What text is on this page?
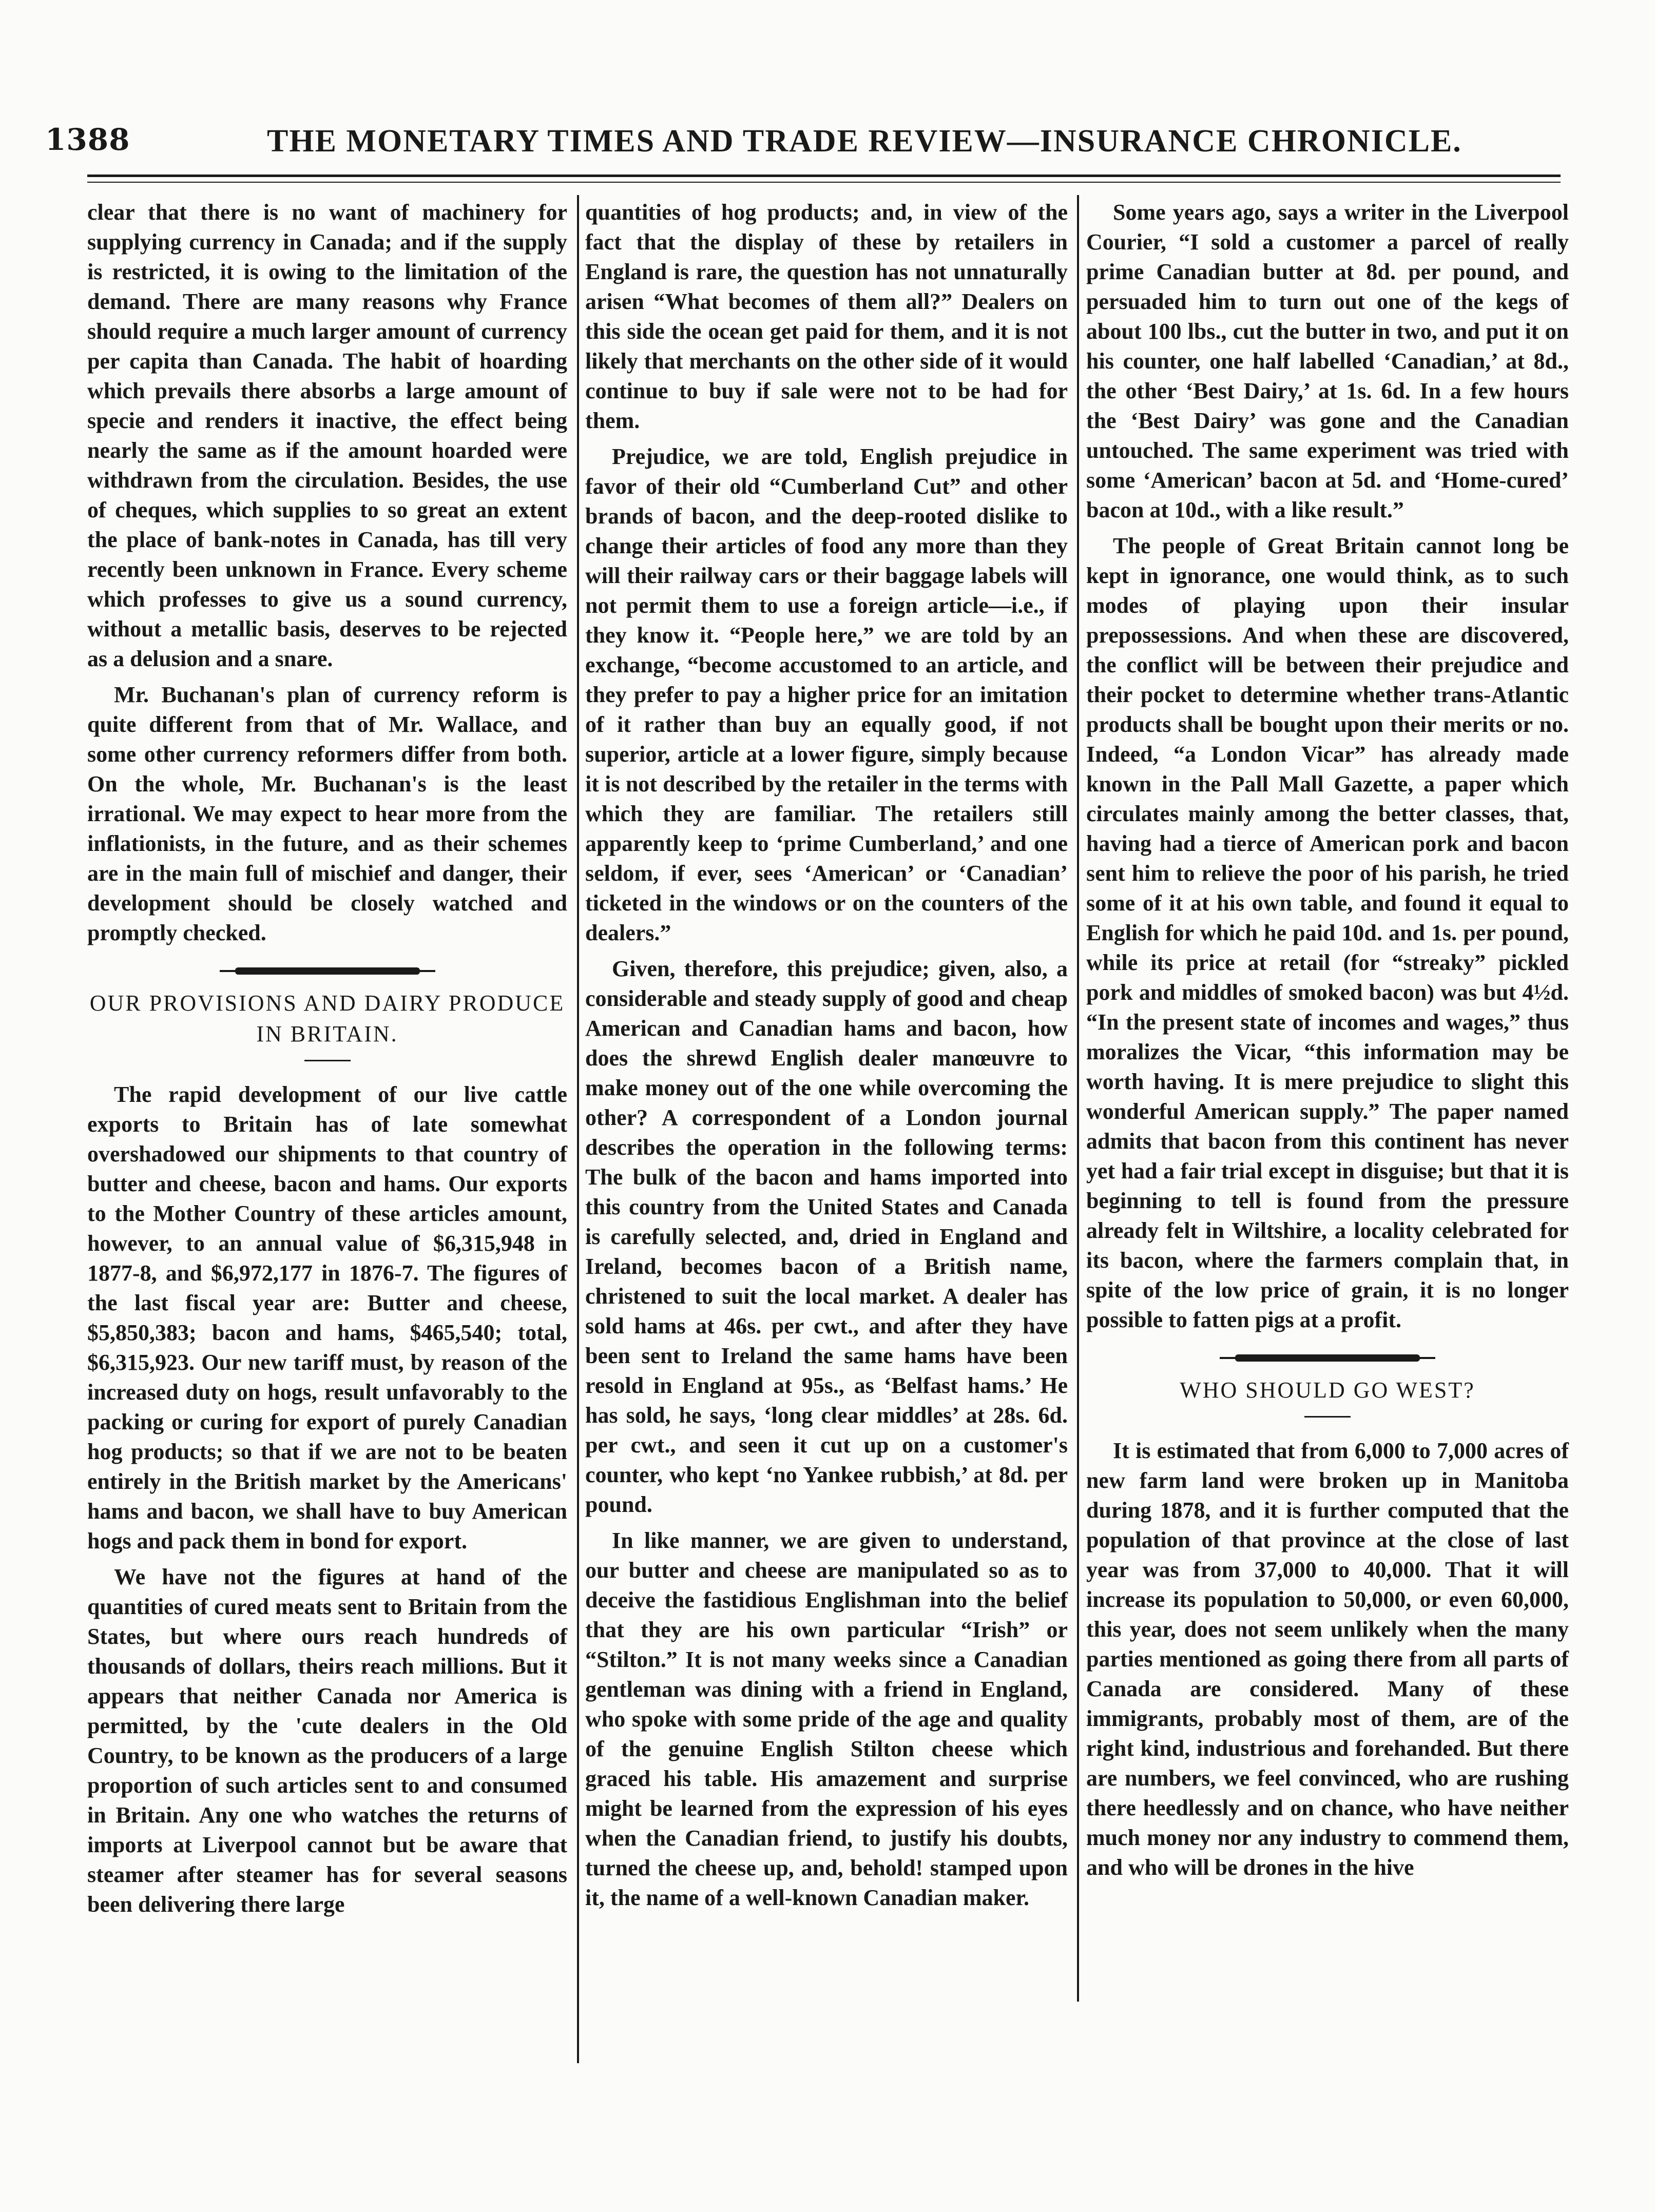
1388	THE MONETARY TIMES AND TRADE REVIEW—INSURANCE CHRONICLE.

clear that there is no want of machinery for supplying currency in Canada; and if the supply is restricted, it is owing to the limitation of the demand. There are many reasons why France should require a much larger amount of currency per capita than Canada. The habit of hoarding which prevails there absorbs a large amount of specie and renders it inactive, the effect being nearly the same as if the amount hoarded were withdrawn from the circulation. Besides, the use of cheques, which supplies to so great an extent the place of bank-notes in Canada, has till very recently been unknown in France. Every scheme which professes to give us a sound currency, without a metallic basis, deserves to be rejected as a delusion and a snare.

Mr. Buchanan's plan of currency reform is quite different from that of Mr. Wallace, and some other currency reformers differ from both. On the whole, Mr. Buchanan's is the least irrational. We may expect to hear more from the inflationists, in the future, and as their schemes are in the main full of mischief and danger, their development should be closely watched and promptly checked.

OUR PROVISIONS AND DAIRY PRODUCE IN BRITAIN.

The rapid development of our live cattle exports to Britain has of late somewhat overshadowed our shipments to that country of butter and cheese, bacon and hams. Our exports to the Mother Country of these articles amount, however, to an annual value of $6,315,948 in 1877-8, and $6,972,177 in 1876-7. The figures of the last fiscal year are: Butter and cheese, $5,850,383; bacon and hams, $465,540; total, $6,315,923. Our new tariff must, by reason of the increased duty on hogs, result unfavorably to the packing or curing for export of purely Canadian hog products; so that if we are not to be beaten entirely in the British market by the Americans' hams and bacon, we shall have to buy American hogs and pack them in bond for export.

We have not the figures at hand of the quantities of cured meats sent to Britain from the States, but where ours reach hundreds of thousands of dollars, theirs reach millions. But it appears that neither Canada nor America is permitted, by the 'cute dealers in the Old Country, to be known as the producers of a large proportion of such articles sent to and consumed in Britain. Any one who watches the returns of imports at Liverpool cannot but be aware that steamer after steamer has for several seasons been delivering there large

quantities of hog products; and, in view of the fact that the display of these by retailers in England is rare, the question has not unnaturally arisen “What becomes of them all?” Dealers on this side the ocean get paid for them, and it is not likely that merchants on the other side of it would continue to buy if sale were not to be had for them.

Prejudice, we are told, English prejudice in favor of their old “Cumberland Cut” and other brands of bacon, and the deep-rooted dislike to change their articles of food any more than they will their railway cars or their baggage labels will not permit them to use a foreign article—i.e., if they know it. “People here,” we are told by an exchange, “become accustomed to an article, and they prefer to pay a higher price for an imitation of it rather than buy an equally good, if not superior, article at a lower figure, simply because it is not described by the retailer in the terms with which they are familiar. The retailers still apparently keep to ‘prime Cumberland,’ and one seldom, if ever, sees ‘American’ or ‘Canadian’ ticketed in the windows or on the counters of the dealers.”

Given, therefore, this prejudice; given, also, a considerable and steady supply of good and cheap American and Canadian hams and bacon, how does the shrewd English dealer manœuvre to make money out of the one while overcoming the other? A correspondent of a London journal describes the operation in the following terms: The bulk of the bacon and hams imported into this country from the United States and Canada is carefully selected, and, dried in England and Ireland, becomes bacon of a British name, christened to suit the local market. A dealer has sold hams at 46s. per cwt., and after they have been sent to Ireland the same hams have been resold in England at 95s., as ‘Belfast hams.’ He has sold, he says, ‘long clear middles’ at 28s. 6d. per cwt., and seen it cut up on a customer's counter, who kept ‘no Yankee rubbish,’ at 8d. per pound.

In like manner, we are given to understand, our butter and cheese are manipulated so as to deceive the fastidious Englishman into the belief that they are his own particular “Irish” or “Stilton.” It is not many weeks since a Canadian gentleman was dining with a friend in England, who spoke with some pride of the age and quality of the genuine English Stilton cheese which graced his table. His amazement and surprise might be learned from the expression of his eyes when the Canadian friend, to justify his doubts, turned the cheese up, and, behold! stamped upon it, the name of a well-known Canadian maker.

Some years ago, says a writer in the Liverpool Courier, “I sold a customer a parcel of really prime Canadian butter at 8d. per pound, and persuaded him to turn out one of the kegs of about 100 lbs., cut the butter in two, and put it on his counter, one half labelled ‘Canadian,’ at 8d., the other ‘Best Dairy,’ at 1s. 6d. In a few hours the ‘Best Dairy’ was gone and the Canadian untouched. The same experiment was tried with some ‘American’ bacon at 5d. and ‘Home-cured’ bacon at 10d., with a like result.”

The people of Great Britain cannot long be kept in ignorance, one would think, as to such modes of playing upon their insular prepossessions. And when these are discovered, the conflict will be between their prejudice and their pocket to determine whether trans-Atlantic products shall be bought upon their merits or no. Indeed, “a London Vicar” has already made known in the Pall Mall Gazette, a paper which circulates mainly among the better classes, that, having had a tierce of American pork and bacon sent him to relieve the poor of his parish, he tried some of it at his own table, and found it equal to English for which he paid 10d. and 1s. per pound, while its price at retail (for “streaky” pickled pork and middles of smoked bacon) was but 4½d. “In the present state of incomes and wages,” thus moralizes the Vicar, “this information may be worth having. It is mere prejudice to slight this wonderful American supply.” The paper named admits that bacon from this continent has never yet had a fair trial except in disguise; but that it is beginning to tell is found from the pressure already felt in Wiltshire, a locality celebrated for its bacon, where the farmers complain that, in spite of the low price of grain, it is no longer possible to fatten pigs at a profit.

WHO SHOULD GO WEST?

It is estimated that from 6,000 to 7,000 acres of new farm land were broken up in Manitoba during 1878, and it is further computed that the population of that province at the close of last year was from 37,000 to 40,000. That it will increase its population to 50,000, or even 60,000, this year, does not seem unlikely when the many parties mentioned as going there from all parts of Canada are considered. Many of these immigrants, probably most of them, are of the right kind, industrious and forehanded. But there are numbers, we feel convinced, who are rushing there heedlessly and on chance, who have neither much money nor any industry to commend them, and who will be drones in the hive
